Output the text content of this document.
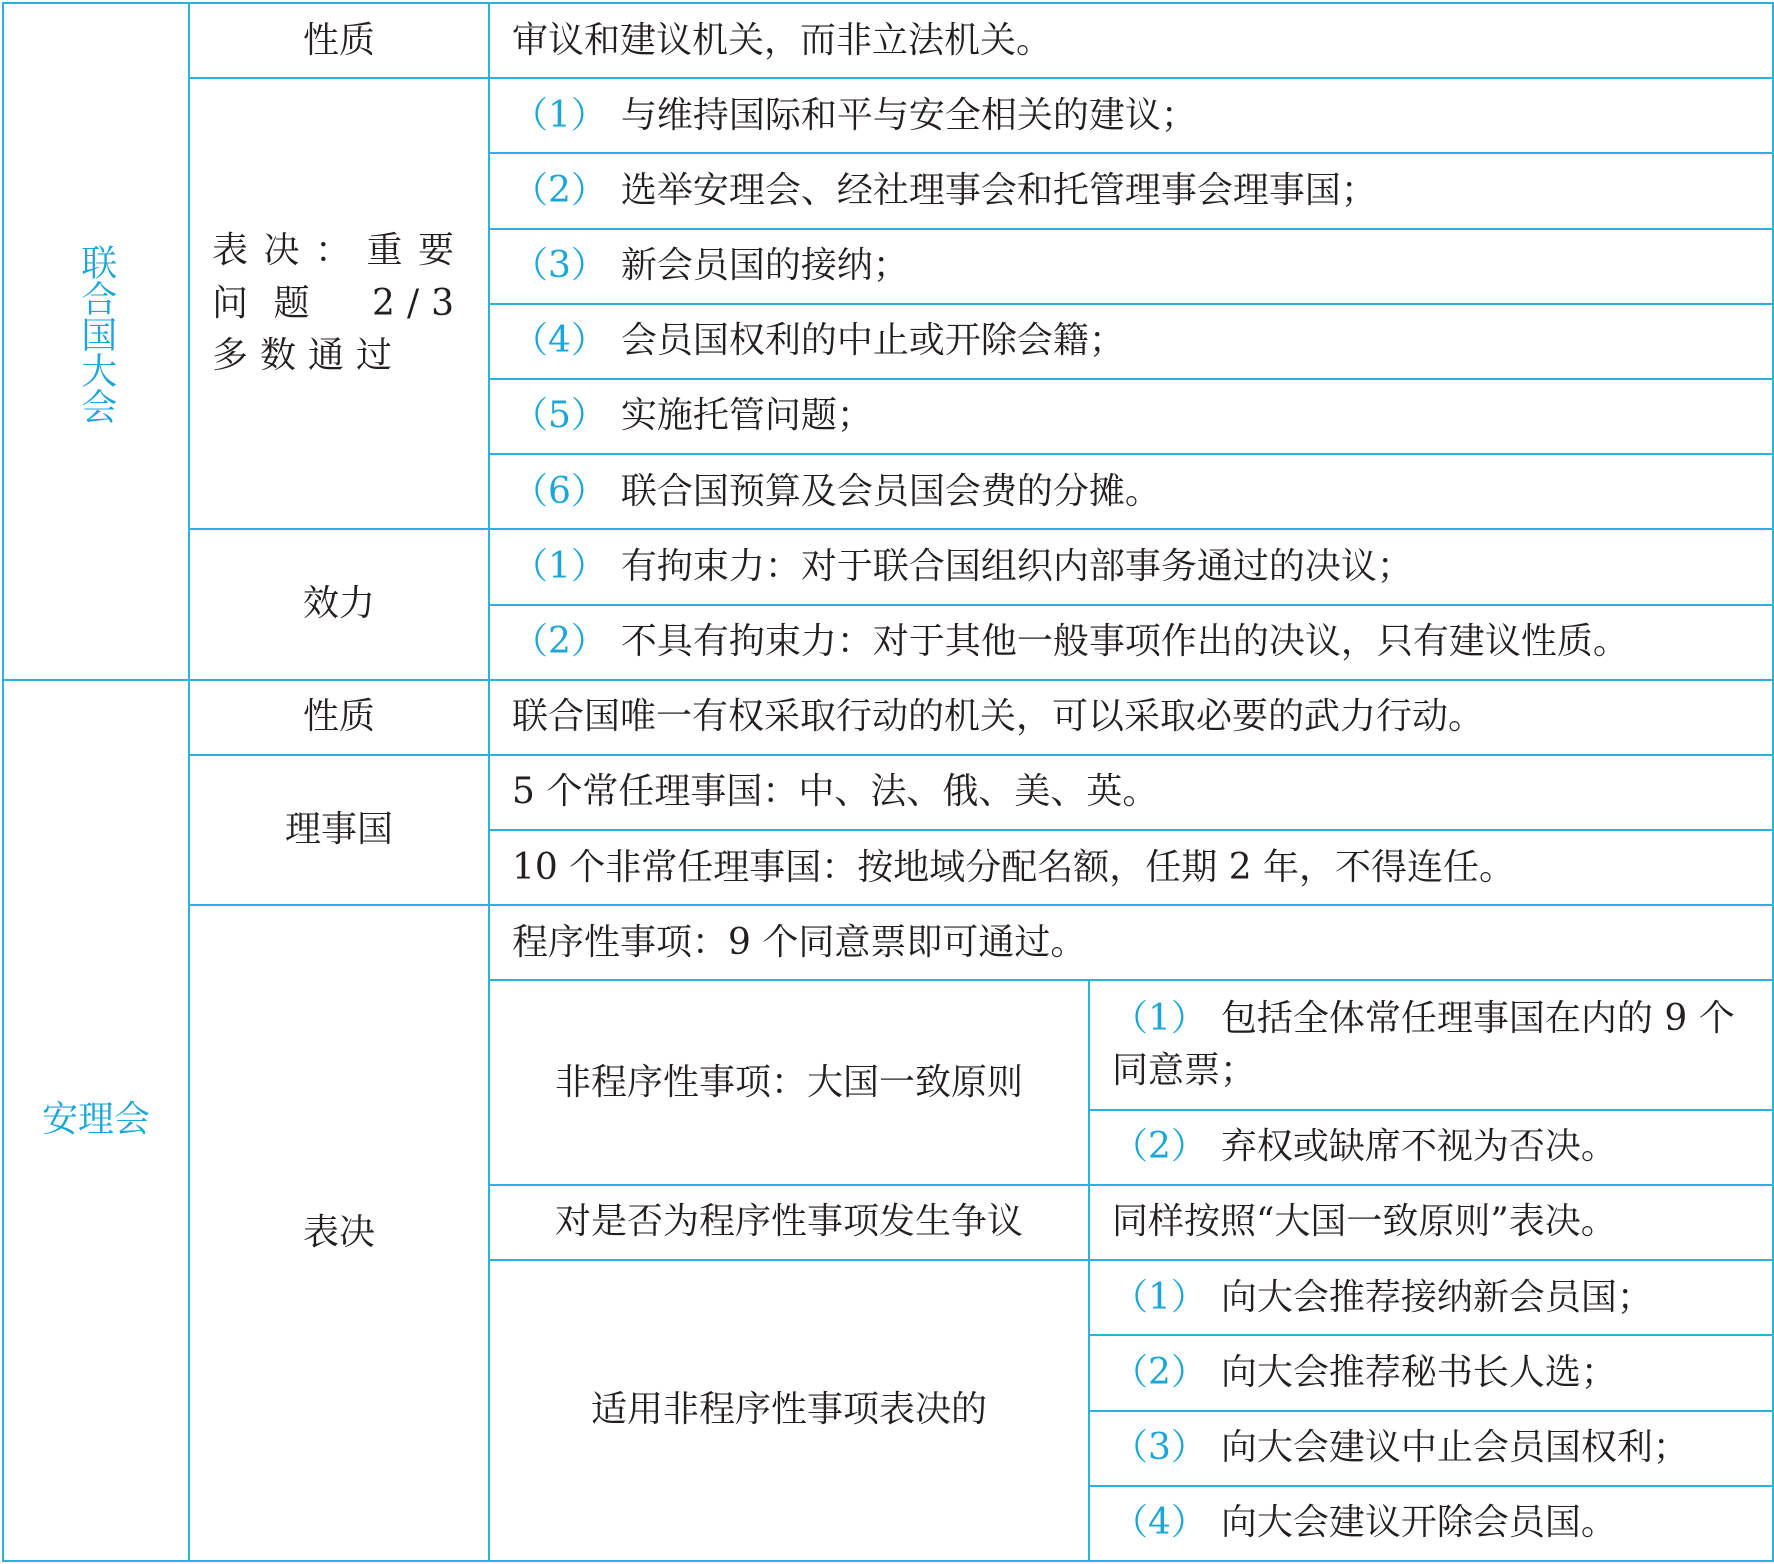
联合国大会	性质	审议和建议机关，而非立法机关。	
	表决：重要问题 2/3 多数通过	（1） 与维持国际和平与安全相关的建议；	
		（2） 选举安理会、经社理事会和托管理事会理事国；	
		（3） 新会员国的接纳；	
		（4） 会员国权利的中止或开除会籍；	
		（5） 实施托管问题；	
		（6） 联合国预算及会员国会费的分摊。	
	效力	（1） 有拘束力：对于联合国组织内部事务通过的决议；	
		（2） 不具有拘束力：对于其他一般事项作出的决议，只有建议性质。	
安理会	性质	联合国唯一有权采取行动的机关，可以采取必要的武力行动。	
	理事国	5 个常任理事国：中、法、俄、美、英。	
		10 个非常任理事国：按地域分配名额，任期 2 年，不得连任。	
	表决	程序性事项：9 个同意票即可通过。	
		非程序性事项：大国一致原则	（1） 包括全体常任理事国在内的 9 个同意票；
			（2） 弃权或缺席不视为否决。
		对是否为程序性事项发生争议	同样按照“大国一致原则”表决。
		适用非程序性事项表决的	（1） 向大会推荐接纳新会员国；
			（2） 向大会推荐秘书长人选；
			（3） 向大会建议中止会员国权利；
			（4） 向大会建议开除会员国。
